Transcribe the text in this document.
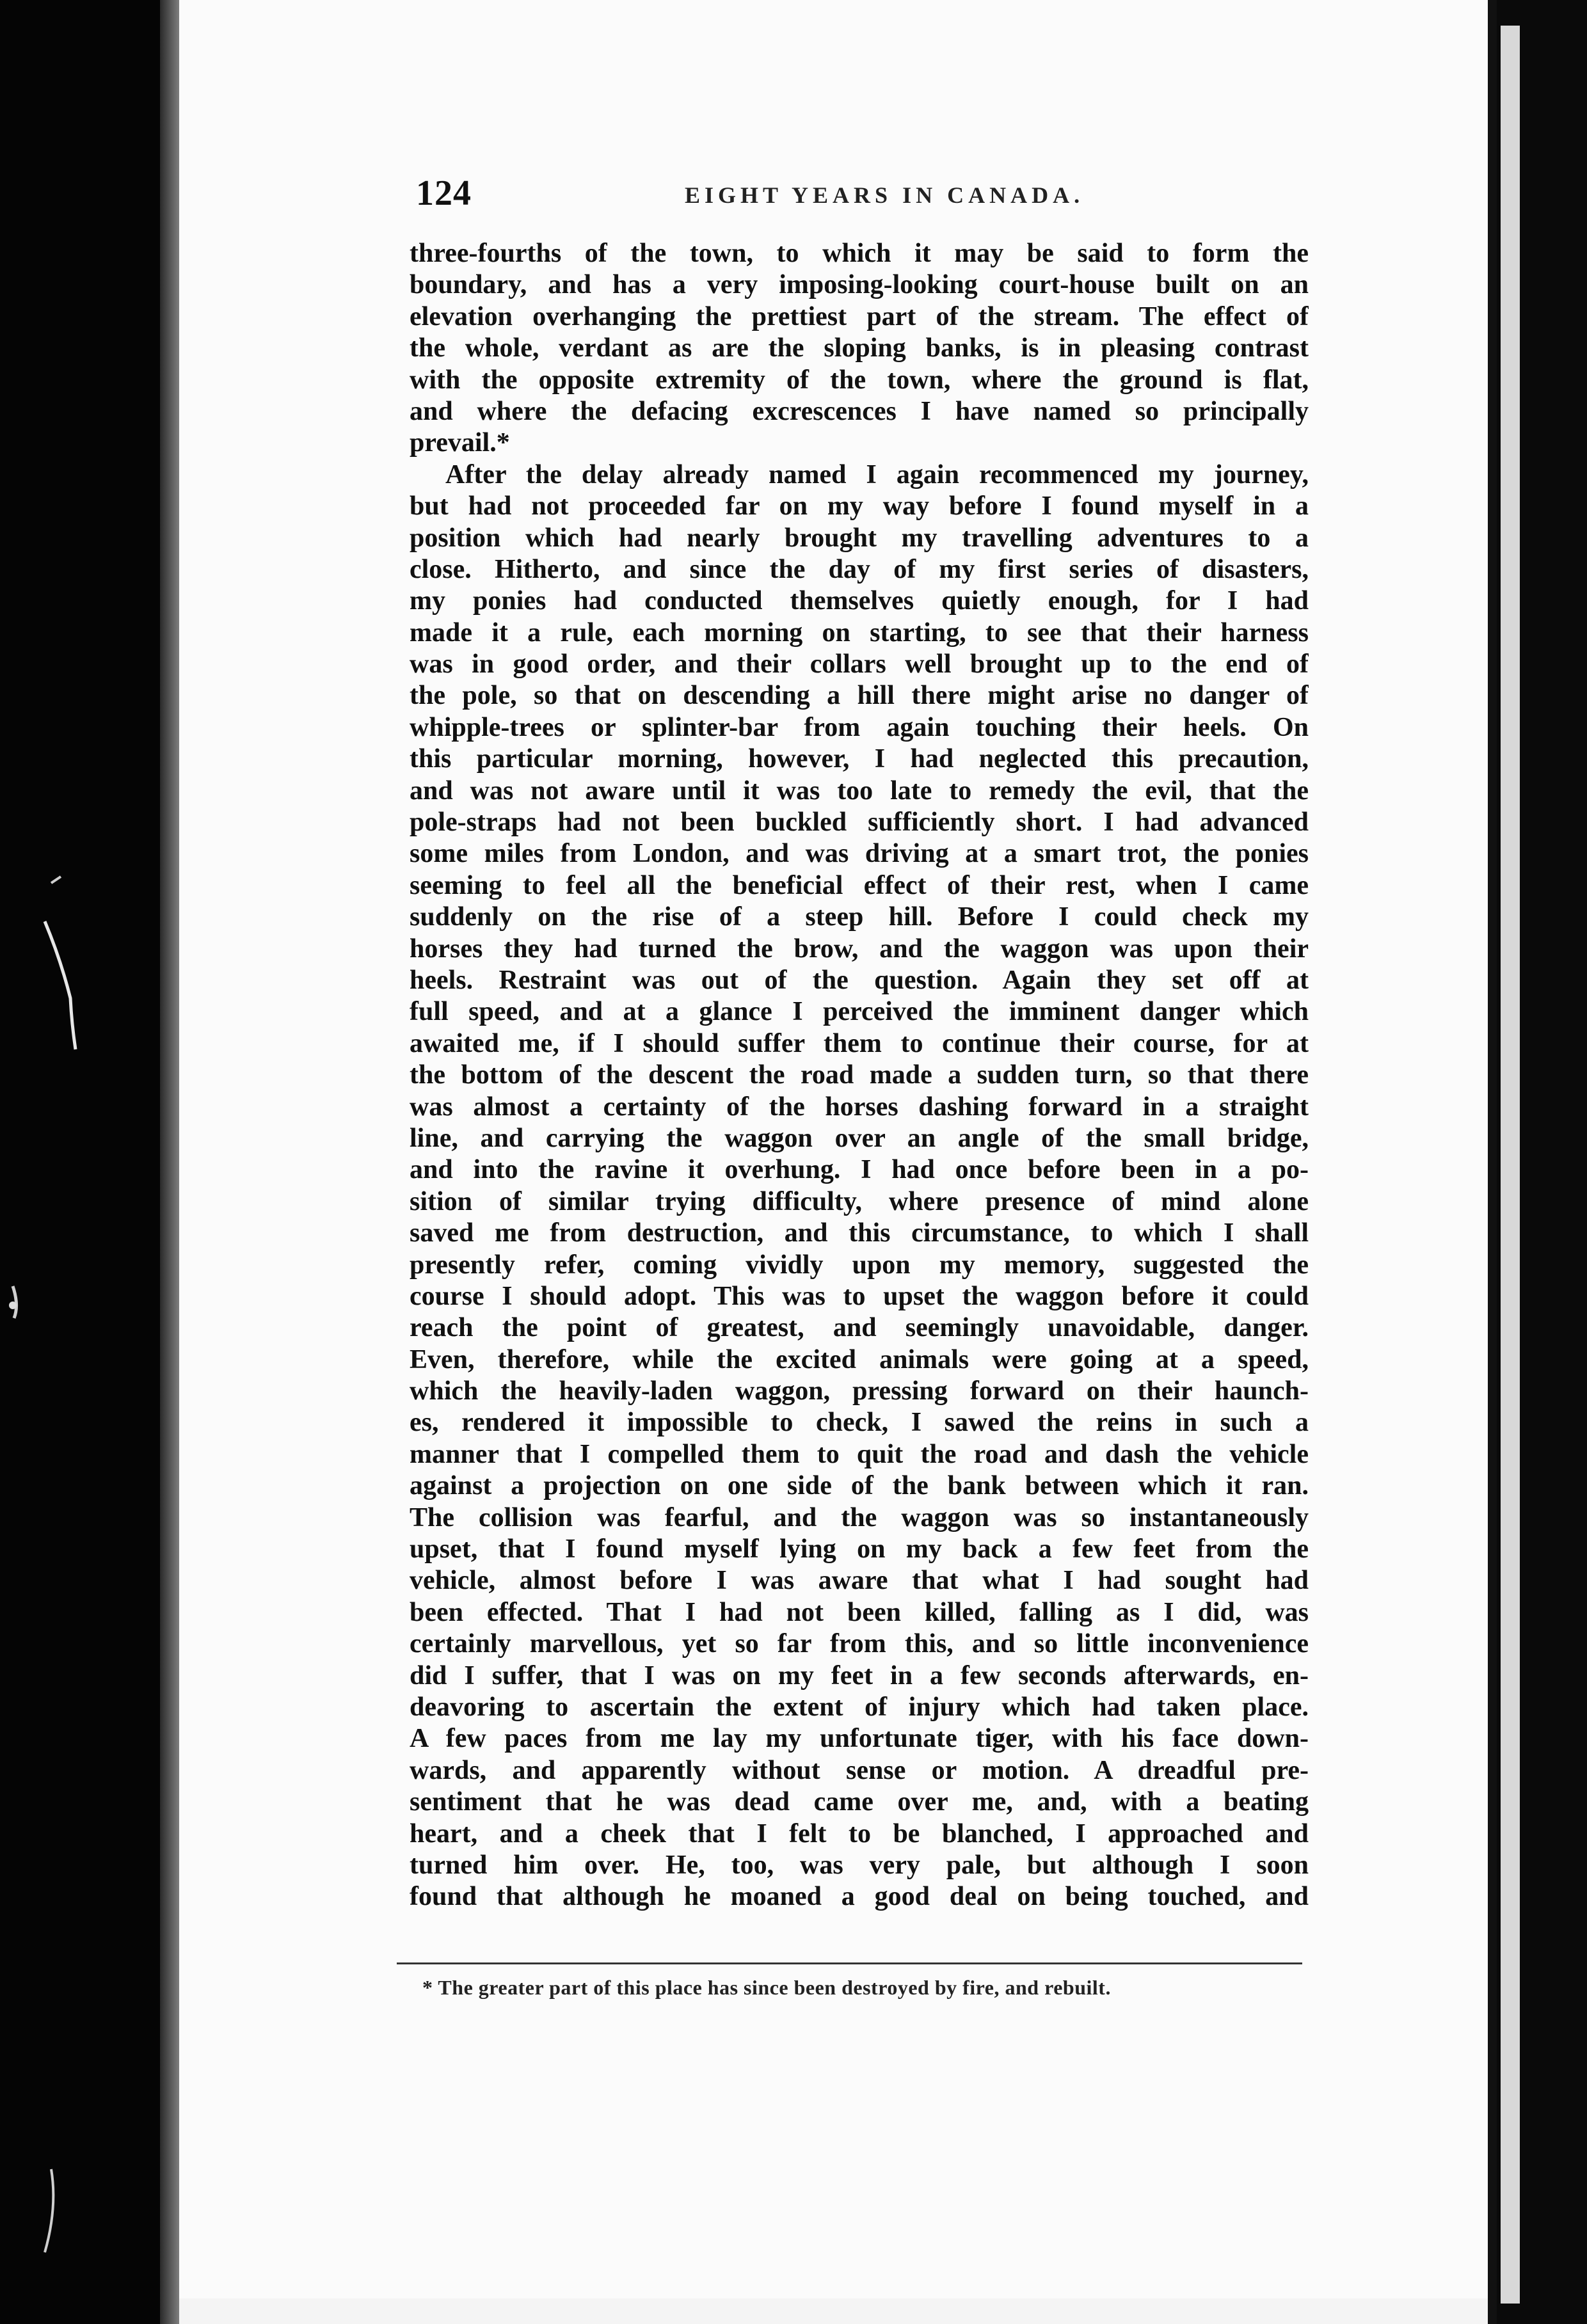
124	EIGHT YEARS IN CANADA.
three-fourths of the town, to which it may be said to form the
boundary, and has a very imposing-looking court-house built on an
elevation overhanging the prettiest part of the stream. The effect of
the whole, verdant as are the sloping banks, is in pleasing contrast
with the opposite extremity of the town, where the ground is flat,
and where the defacing excrescences I have named so principally
prevail.*
After the delay already named I again recommenced my journey,
but had not proceeded far on my way before I found myself in a
position which had nearly brought my travelling adventures to a
close. Hitherto, and since the day of my first series of disasters,
my ponies had conducted themselves quietly enough, for I had
made it a rule, each morning on starting, to see that their harness
was in good order, and their collars well brought up to the end of
the pole, so that on descending a hill there might arise no danger of
whipple-trees or splinter-bar from again touching their heels. On
this particular morning, however, I had neglected this precaution,
and was not aware until it was too late to remedy the evil, that the
pole-straps had not been buckled sufficiently short. I had advanced
some miles from London, and was driving at a smart trot, the ponies
seeming to feel all the beneficial effect of their rest, when I came
suddenly on the rise of a steep hill. Before I could check my
horses they had turned the brow, and the waggon was upon their
heels. Restraint was out of the question. Again they set off at
full speed, and at a glance I perceived the imminent danger which
awaited me, if I should suffer them to continue their course, for at
the bottom of the descent the road made a sudden turn, so that there
was almost a certainty of the horses dashing forward in a straight
line, and carrying the waggon over an angle of the small bridge,
and into the ravine it overhung. I had once before been in a po-
sition of similar trying difficulty, where presence of mind alone
saved me from destruction, and this circumstance, to which I shall
presently refer, coming vividly upon my memory, suggested the
course I should adopt. This was to upset the waggon before it could
reach the point of greatest, and seemingly unavoidable, danger.
Even, therefore, while the excited animals were going at a speed,
which the heavily-laden waggon, pressing forward on their haunch-
es, rendered it impossible to check, I sawed the reins in such a
manner that I compelled them to quit the road and dash the vehicle
against a projection on one side of the bank between which it ran.
The collision was fearful, and the waggon was so instantaneously
upset, that I found myself lying on my back a few feet from the
vehicle, almost before I was aware that what I had sought had
been effected. That I had not been killed, falling as I did, was
certainly marvellous, yet so far from this, and so little inconvenience
did I suffer, that I was on my feet in a few seconds afterwards, en-
deavoring to ascertain the extent of injury which had taken place.
A few paces from me lay my unfortunate tiger, with his face down-
wards, and apparently without sense or motion. A dreadful pre-
sentiment that he was dead came over me, and, with a beating
heart, and a cheek that I felt to be blanched, I approached and
turned him over. He, too, was very pale, but although I soon
found that although he moaned a good deal on being touched, and
* The greater part of this place has since been destroyed by fire, and rebuilt.
